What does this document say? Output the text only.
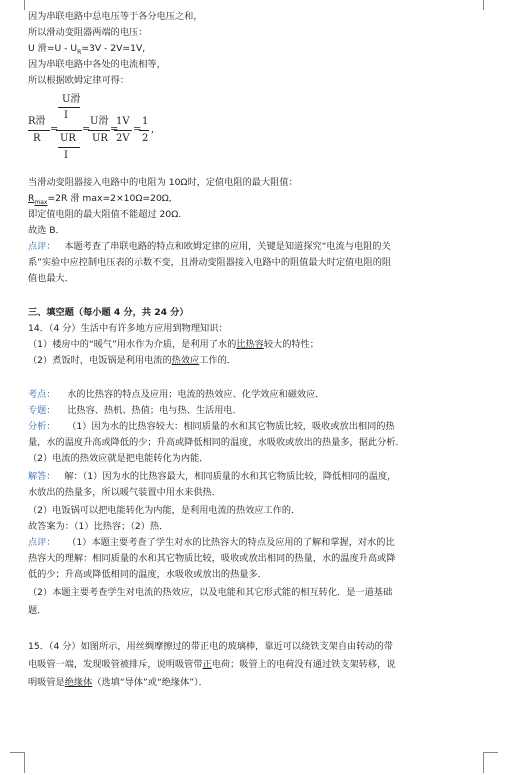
因为串联电路中总电压等于各分电压之和，
所以滑动变阻器两端的电压：
U 滑$=U - U_R=3V - 2V=1V$,
因为串联电路中各处的电流相等，
所以根据欧姆定律可得：
U滑
I
R滑
R
=
UR
I
=
U滑
UR
=
1V
2V
=
1
2
,
当滑动变阻器接入电路中的电阻为 10Ω时，定值电阻的最大阻值：
$R_{max}=2R$ 滑 max=2×10Ω=20Ω,
即定值电阻的最大阻值不能超过 20Ω.
故选 B．
点评： 本题考查了串联电路的特点和欧姆定律的应用，关键是知道探究“电流与电阻的关
系”实验中应控制电压表的示数不变，且滑动变阻器接入电路中的阻值最大时定值电阻的阻
值也最大．
三、填空题（每小题 4 分，共 24 分）
14．（4 分）生活中有许多地方应用到物理知识：
（1）楼房中的“暖气”用水作为介质，是利用了水的比热容较大的特性；
（2）煮饭时，电饭锅是利用电流的热效应工作的．
考点： 水的比热容的特点及应用；电流的热效应、化学效应和磁效应．
专题： 比热容、热机、热值；电与热、生活用电．
分析： （1）因为水的比热容较大：相同质量的水和其它物质比较，吸收或放出相同的热
量，水的温度升高或降低的少；升高或降低相同的温度，水吸收或放出的热量多，据此分析．
（2）电流的热效应就是把电能转化为内能．
解答： 解：（1）因为水的比热容最大，相同质量的水和其它物质比较，降低相同的温度，
水放出的热量多，所以暖气装置中用水来供热．
（2）电饭锅可以把电能转化为内能，是利用电流的热效应工作的．
故答案为：（1）比热容；（2）热．
点评： （1）本题主要考查了学生对水的比热容大的特点及应用的了解和掌握，对水的比
热容大的理解：相同质量的水和其它物质比较，吸收或放出相同的热量，水的温度升高或降
低的少；升高或降低相同的温度，水吸收或放出的热量多．
（2）本题主要考查学生对电流的热效应，以及电能和其它形式能的相互转化．是一道基础
题．
15．（4 分）如图所示，用丝绸摩擦过的带正电的玻璃棒，靠近可以绕铁支架自由转动的带
电吸管一端，发现吸管被排斥，说明吸管带正电荷；吸管上的电荷没有通过铁支架转移，说
明吸管是绝缘体（选填“导体”或“绝缘体”）．
